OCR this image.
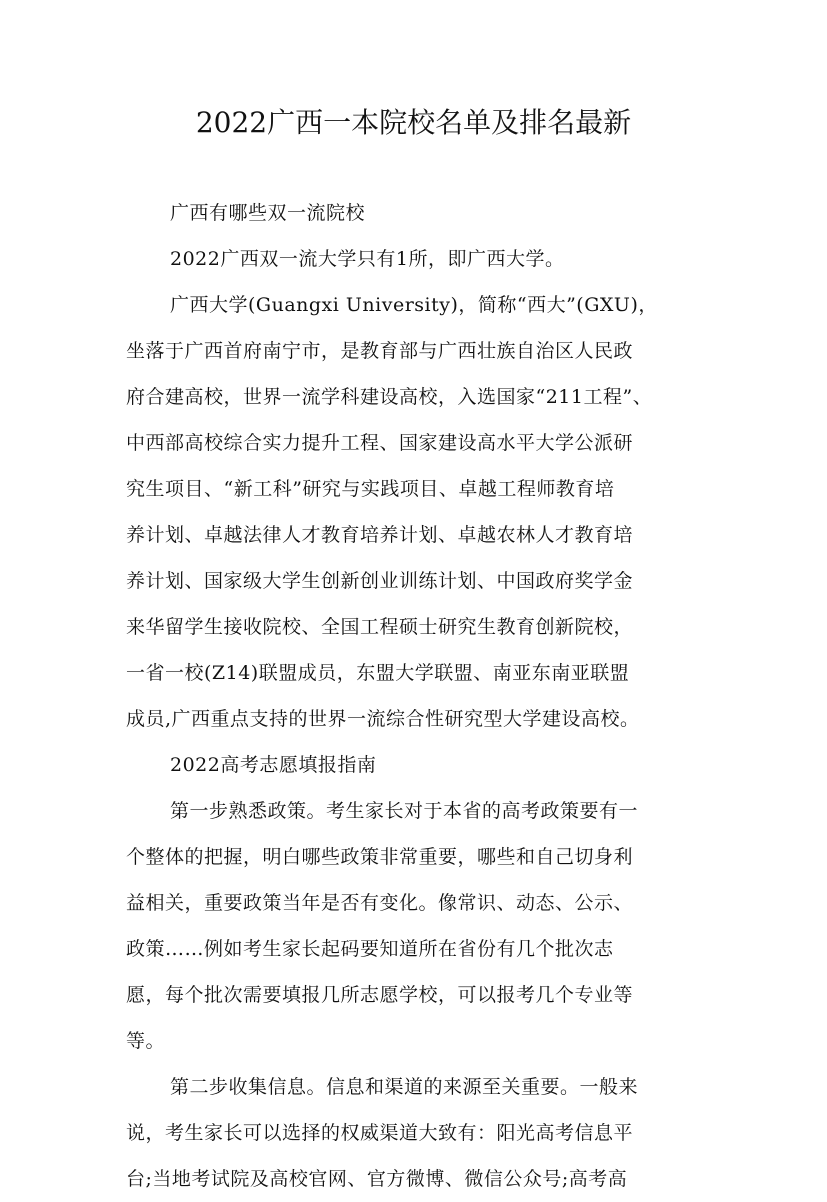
2022广西一本院校名单及排名最新
广西有哪些双一流院校
2022广西双一流大学只有1所，即广西大学。
广西大学(Guangxi University)，简称“西大”(GXU)，
坐落于广西首府南宁市，是教育部与广西壮族自治区人民政
府合建高校，世界一流学科建设高校，入选国家“211工程”、
中西部高校综合实力提升工程、国家建设高水平大学公派研
究生项目、“新工科”研究与实践项目、卓越工程师教育培
养计划、卓越法律人才教育培养计划、卓越农林人才教育培
养计划、国家级大学生创新创业训练计划、中国政府奖学金
来华留学生接收院校、全国工程硕士研究生教育创新院校，
一省一校(Z14)联盟成员，东盟大学联盟、南亚东南亚联盟
成员,广西重点支持的世界一流综合性研究型大学建设高校。
2022高考志愿填报指南
第一步熟悉政策。考生家长对于本省的高考政策要有一
个整体的把握，明白哪些政策非常重要，哪些和自己切身利
益相关，重要政策当年是否有变化。像常识、动态、公示、
政策……例如考生家长起码要知道所在省份有几个批次志
愿，每个批次需要填报几所志愿学校，可以报考几个专业等
等。
第二步收集信息。信息和渠道的来源至关重要。一般来
说，考生家长可以选择的权威渠道大致有：阳光高考信息平
台;当地考试院及高校官网、官方微博、微信公众号;高考高
